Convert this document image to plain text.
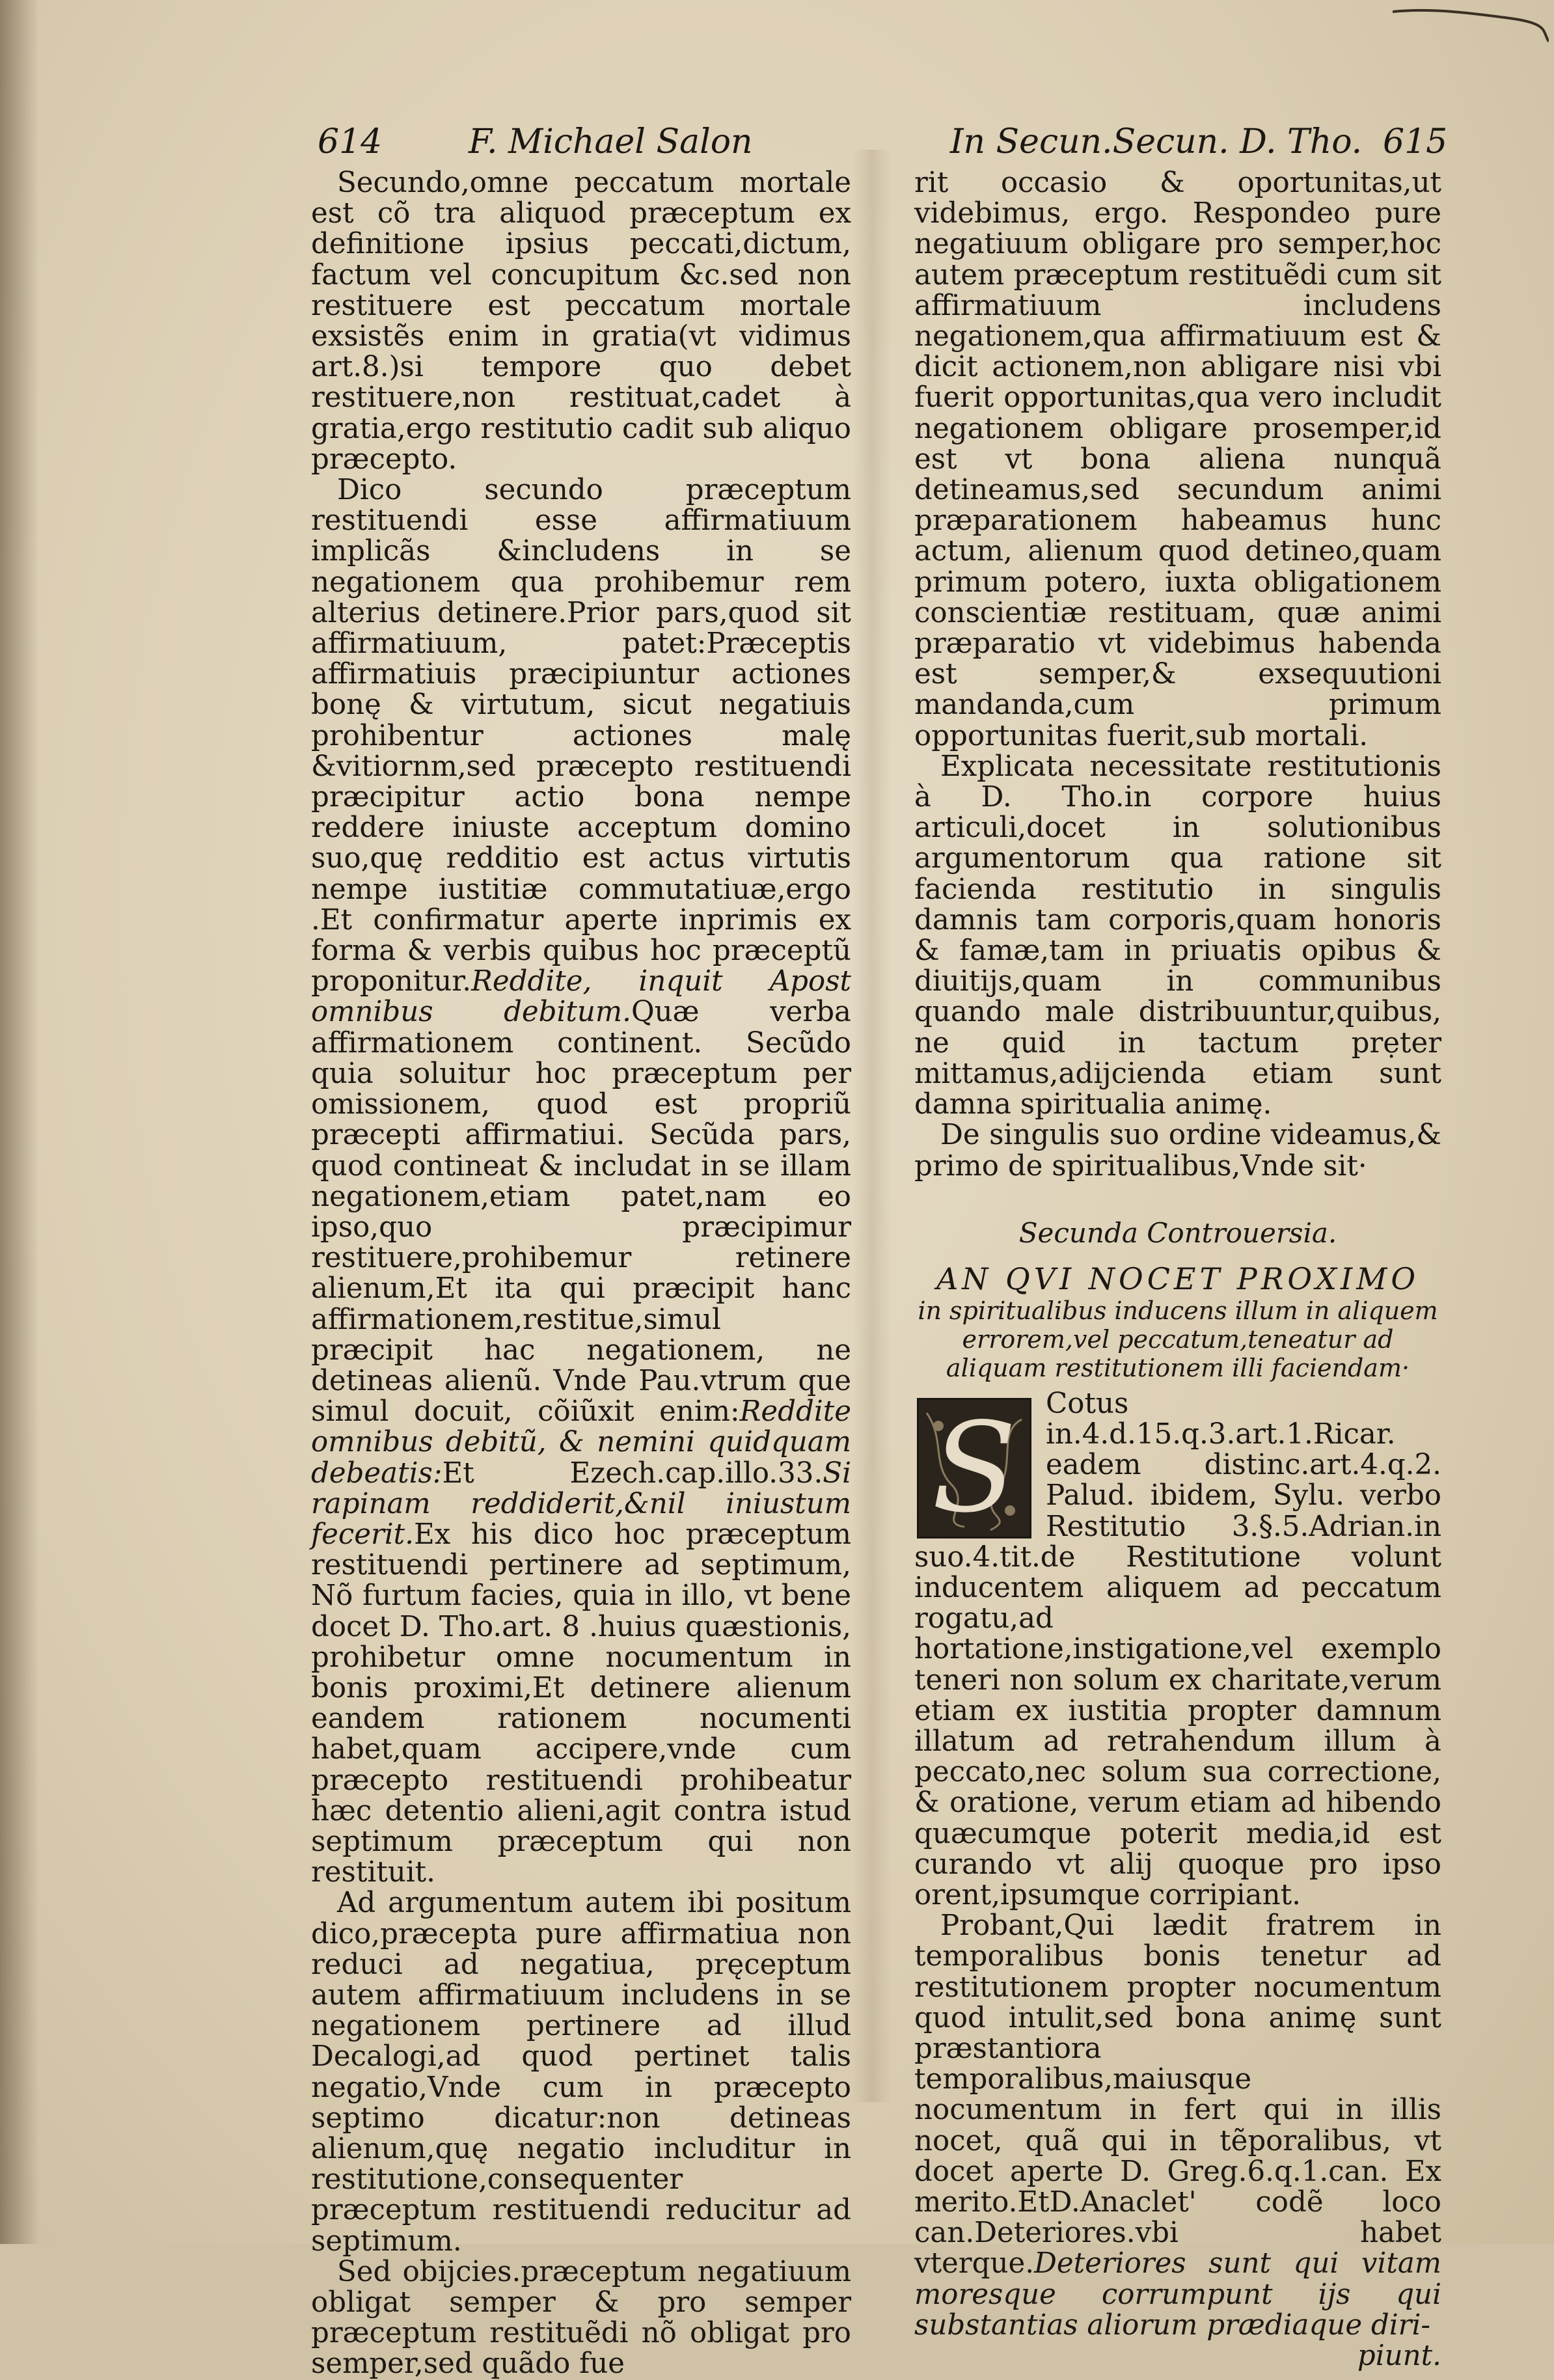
614	F. Michael Salon	In Secun.Secun. D. Tho. 615

Secundo,omne peccatum mortale est cõ tra aliquod præceptum ex definitione ipsius peccati,dictum, factum vel concupitum &c.sed non restituere est peccatum mortale exsistẽs enim in gratia(vt vidimus art.8.)si tempore quo debet restituere,non restituat,cadet à gratia,ergo restitutio cadit sub aliquo præcepto.

Dico secundo præceptum restituendi esse affirmatiuum implicãs &includens in se negationem qua prohibemur rem alterius detinere.Prior pars,quod sit affirmatiuum, patet:Præceptis affirmatiuis præcipiuntur actiones bonę & virtutum, sicut negatiuis prohibentur actiones malę &vitiornm,sed præcepto restituendi præcipitur actio bona nempe reddere iniuste acceptum domino suo,quę redditio est actus virtutis nempe iustitiæ commutatiuæ,ergo .Et confirmatur aperte inprimis ex forma & verbis quibus hoc præceptũ proponitur.Reddite, inquit Apost omnibus debitum.Quæ verba affirmationem continent. Secũdo quia soluitur hoc præceptum per omissionem, quod est propriũ præcepti affirmatiui. Secũda pars, quod contineat & includat in se illam negationem,etiam patet,nam eo ipso,quo præcipimur restituere,prohibemur retinere alienum,Et ita qui præcipit hanc affirmationem,restitue,simul præcipit hac negationem, ne detineas alienũ. Vnde Pau.vtrum que simul docuit, cõiũxit enim:Reddite omnibus debitũ, & nemini quidquam debeatis:Et Ezech.cap.illo.33.Si rapinam reddiderit,&nil iniustum fecerit.Ex his dico hoc præceptum restituendi pertinere ad septimum, Nõ furtum facies, quia in illo, vt bene docet D. Tho.art. 8 .huius quæstionis, prohibetur omne nocumentum in bonis proximi,Et detinere alienum eandem rationem nocumenti habet,quam accipere,vnde cum præcepto restituendi prohibeatur hæc detentio alieni,agit contra istud septimum præceptum qui non restituit.

Ad argumentum autem ibi positum dico,præcepta pure affirmatiua non reduci ad negatiua, pręceptum autem affirmatiuum includens in se negationem pertinere ad illud Decalogi,ad quod pertinet talis negatio,Vnde cum in præcepto septimo dicatur:non detineas alienum,quę negatio includitur in restitutione,consequenter præceptum restituendi reducitur ad septimum.

Sed obijcies.præceptum negatiuum obligat semper & pro semper præceptum restituẽdi nõ obligat pro semper,sed quãdo fue

rit occasio & oportunitas,ut videbimus, ergo. Respondeo pure negatiuum obligare pro semper,hoc autem præceptum restituẽdi cum sit affirmatiuum includens negationem,qua affirmatiuum est & dicit actionem,non abligare nisi vbi fuerit opportunitas,qua vero includit negationem obligare prosemper,id est vt bona aliena nunquã detineamus,sed secundum animi præparationem habeamus hunc actum, alienum quod detineo,quam primum potero, iuxta obligationem conscientiæ restituam, quæ animi præparatio vt videbimus habenda est semper,& exsequutioni mandanda,cum primum opportunitas fuerit,sub mortali.

Explicata necessitate restitutionis à D. Tho.in corpore huius articuli,docet in solutionibus argumentorum qua ratione sit facienda restitutio in singulis damnis tam corporis,quam honoris & famæ,tam in priuatis opibus & diuitijs,quam in communibus quando male distribuuntur,quibus, ne quid in tactum prẹter mittamus,adijcienda etiam sunt damna spiritualia animę.

De singulis suo ordine videamus,& primo de spiritualibus,Vnde sit·

Secunda Controuersia.
AN QVI NOCET PROXIMO
in spiritualibus inducens illum in aliquem errorem,vel peccatum,teneatur ad aliquam restitutionem illi faciendam·

S	Cotus in.4.d.15.q.3.art.1.Ricar. eadem distinc.art.4.q.2. Palud. ibidem, Sylu. verbo Restitutio 3.§.5.Adrian.in suo.4.tit.de Restitutione volunt inducentem aliquem ad peccatum rogatu,ad hortatione,instigatione,vel exemplo teneri non solum ex charitate,verum etiam ex iustitia propter damnum illatum ad retrahendum illum à peccato,nec solum sua correctione, & oratione, verum etiam ad hibendo quæcumque poterit media,id est curando vt alij quoque pro ipso orent,ipsumque corripiant.

Probant,Qui lædit fratrem in temporalibus bonis tenetur ad restitutionem propter nocumentum quod intulit,sed bona animę sunt præstantiora temporalibus,maiusque nocumentum in fert qui in illis nocet, quã qui in tẽporalibus, vt docet aperte D. Greg.6.q.1.can. Ex merito.EtD.Anaclet' codẽ loco can.Deteriores.vbi habet vterque.Deteriores sunt qui vitam moresque corrumpunt ijs qui substantias aliorum prædiaque diri-

piunt.
